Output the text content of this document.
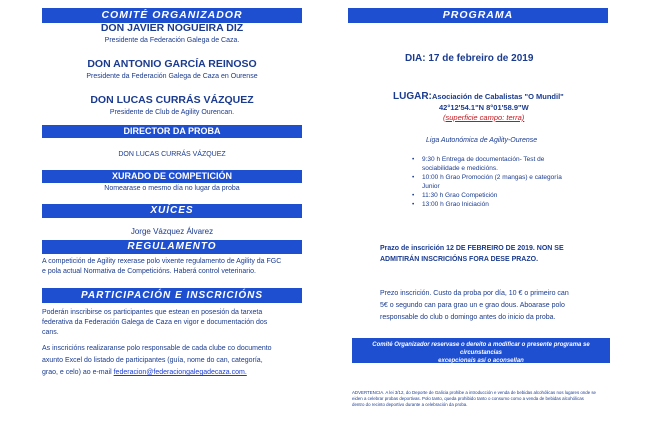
COMITÉ ORGANIZADOR
DON JAVIER NOGUEIRA DIZ
Presidente da Federación Galega de Caza.
DON ANTONIO GARCÍA REINOSO
Presidente da Federación Galega de Caza en Ourense
DON LUCAS CURRÁS VÁZQUEZ
Presidente de Club de Agility Ourencan.
DIRECTOR DA PROBA
DON LUCAS CURRÁS VÁZQUEZ
XURADO DE COMPETICIÓN
Nomearase o mesmo día no lugar da proba
XUÍCES
Jorge Vázquez Álvarez
REGULAMENTO
A competición de Agility rexerase polo vixente regulamento de Agility da FGC
e pola actual Normativa de Competicións. Haberá control veterinario.
PARTICIPACIÓN E INSCRICIÓNS
Poderán inscribirse os participantes que estean en posesión da tarxeta
federativa da Federación Galega de Caza en vigor e documentación dos
cans.
As inscricións realizaranse polo responsable de cada clube co documento
axunto Excel do listado de participantes (guía, nome do can, categoría,
grao, e celo) ao e-mail federacion@federaciongalegadecaza.com.
PROGRAMA
DIA: 17 de febreiro de 2019
LUGAR: Asociación de Cabalistas "O Mundil"
42°12'54.1"N 8°01'58.9"W
(superficie campo: terra)
Liga Autonómica de Agility-Ourense
• 9:30 h Entrega de documentación- Test de
sociabilidade e medicións.
• 10:00 h Grao Promoción (2 mangas) e categoría
Junior
• 11:30 h Grao Competición
• 13:00 h Grao Iniciación
Prazo de inscrición 12 DE FEBREIRO DE 2019. NON SE
ADMITIRÁN INSCRICIÓNS FORA DESE PRAZO.
Prezo inscrición. Custo da proba por día, 10 € o primeiro can
5€ o segundo can para grao un e grao dous. Aboarase polo
responsable do club o domingo antes do inicio da proba.
Comité Organizador reservase o dereito a modificar o presente programa se circunstancias
excepcionais así o aconsellan
ADVERTENCIA. A lei 3/12, do Deporte de Galicia prohibe a introducción e venda de bebidas alcohólicas nos lugares onde se
eiden a celebrar probas deportivas. Polo tanto, queda prohibido tanto o consumo como a venda de bebidas alcohólicas
dentro do recinto deportivo durante a celebración da proba.
